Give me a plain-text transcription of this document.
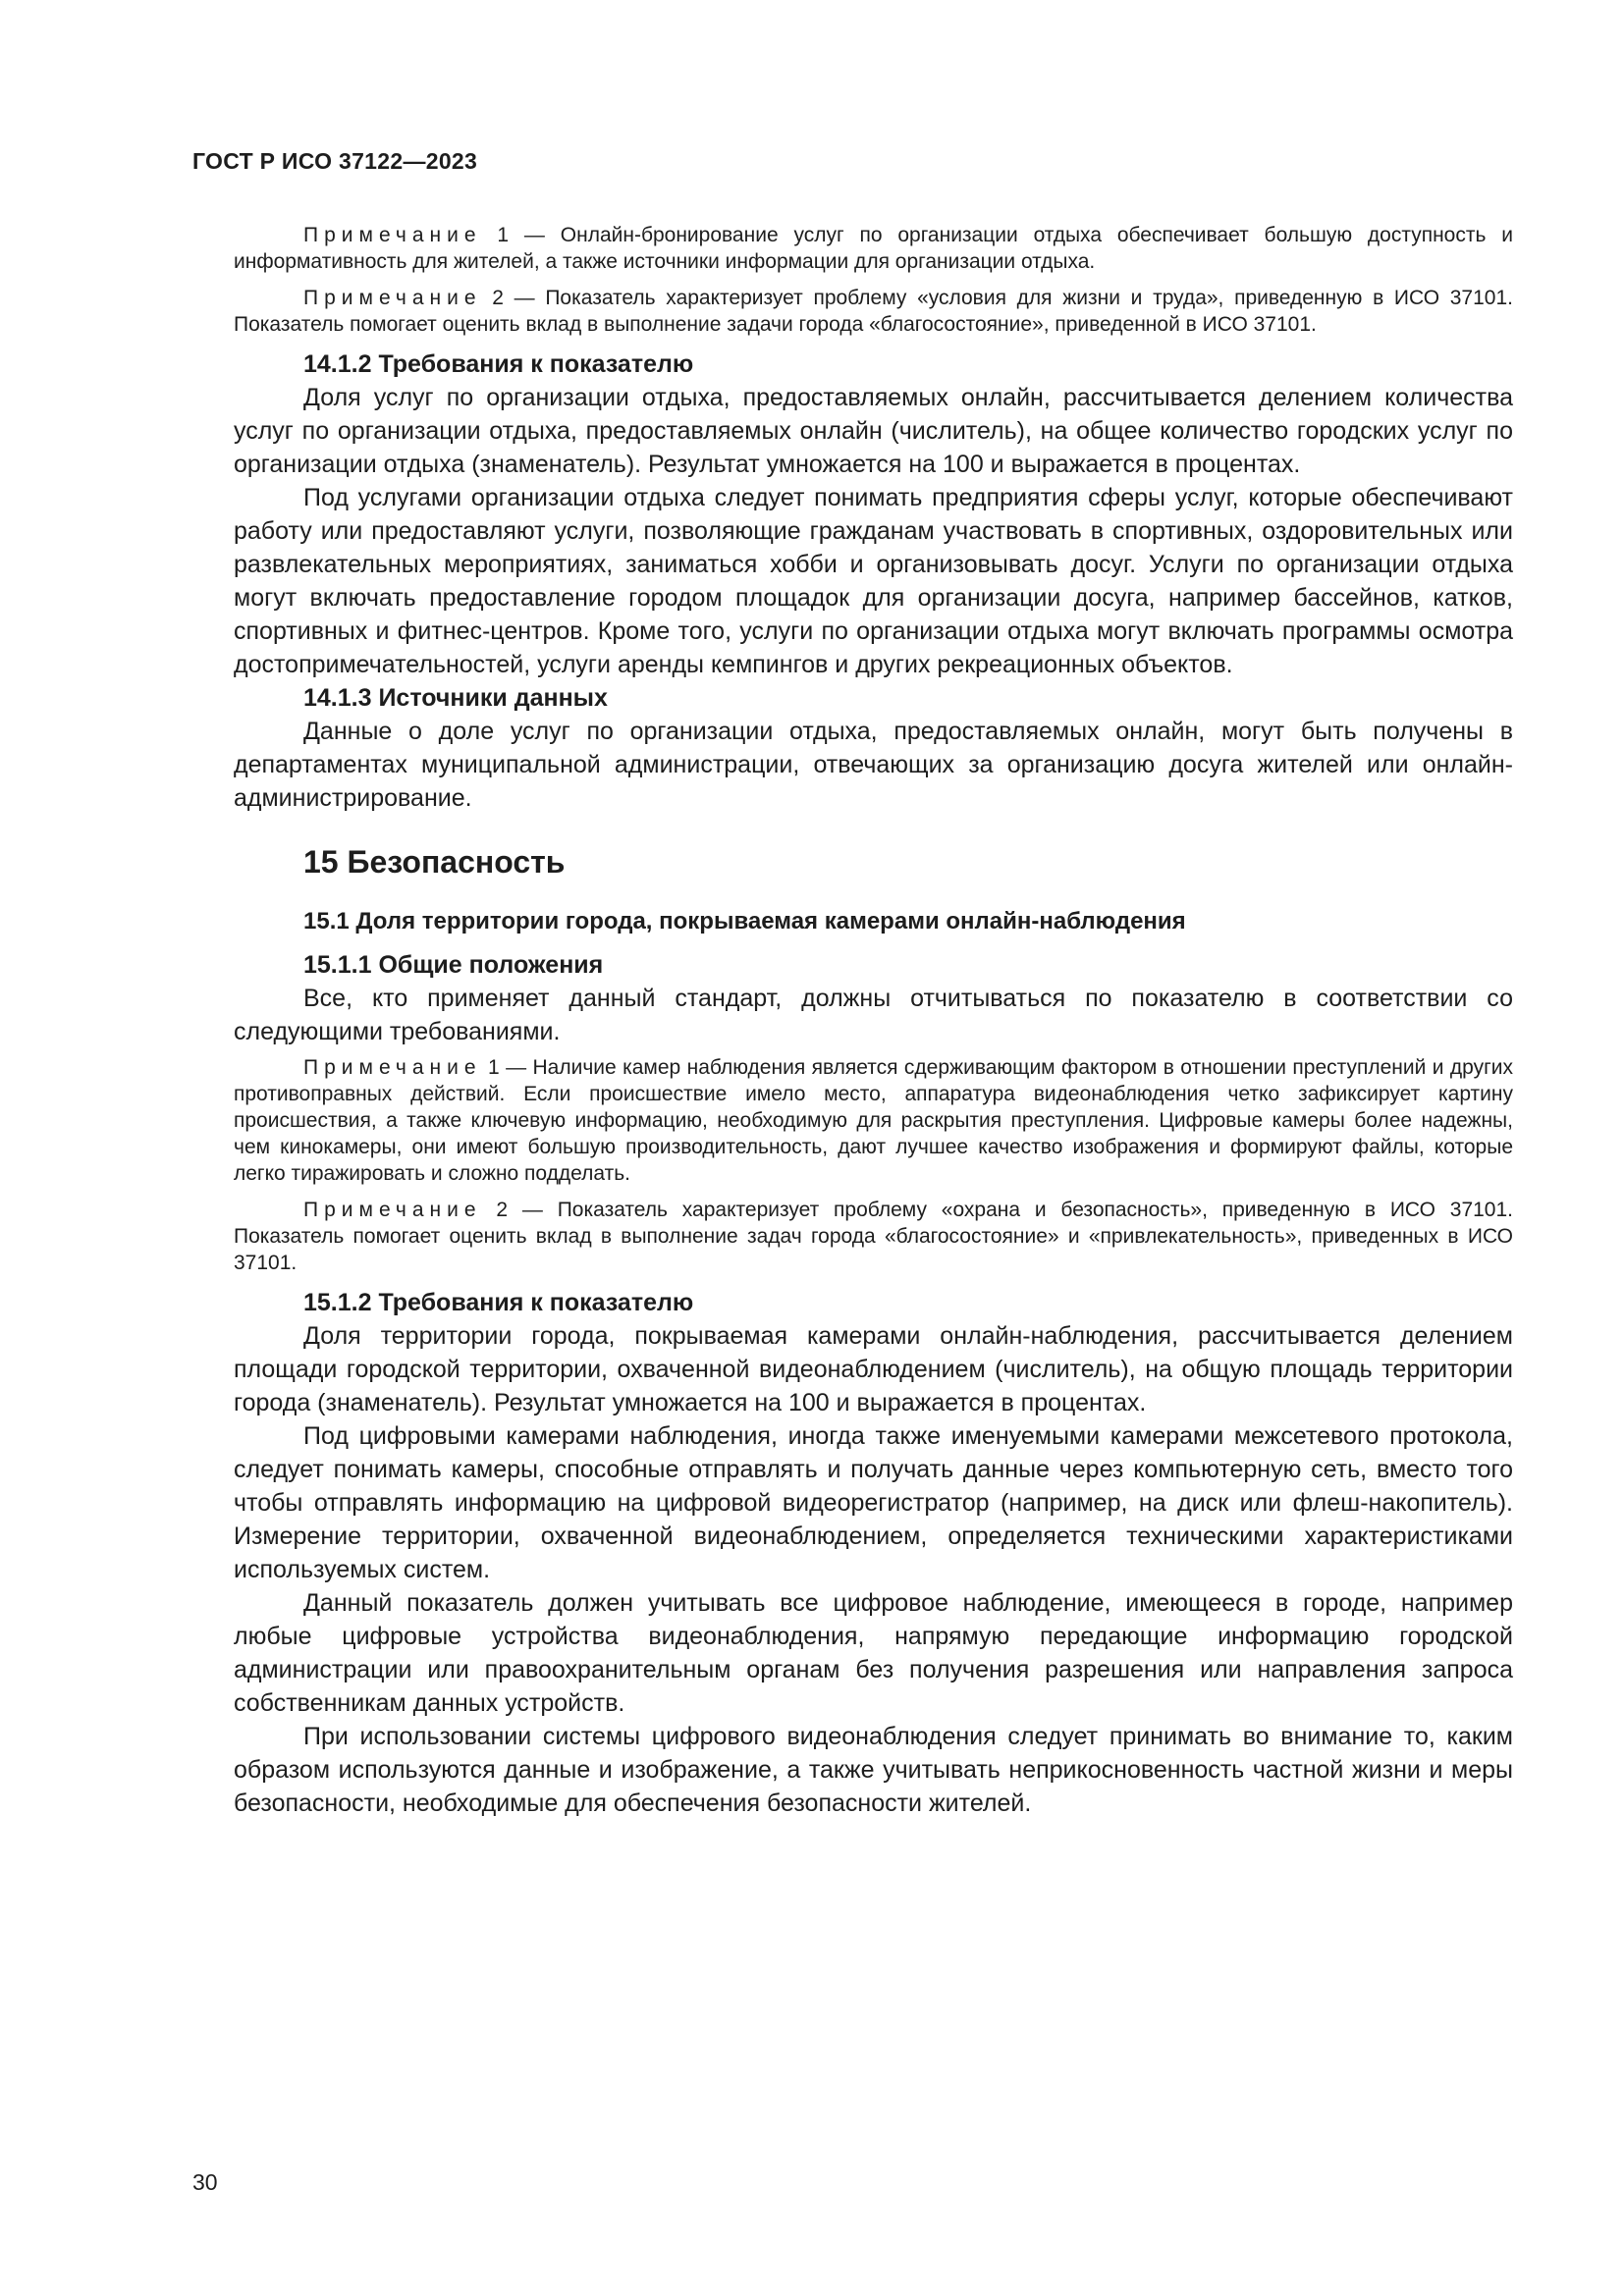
ГОСТ Р ИСО 37122—2023

Примечание 1 — Онлайн-бронирование услуг по организации отдыха обеспечивает большую доступность и информативность для жителей, а также источники информации для организации отдыха.

Примечание 2 — Показатель характеризует проблему «условия для жизни и труда», приведенную в ИСО 37101. Показатель помогает оценить вклад в выполнение задачи города «благосостояние», приведенной в ИСО 37101.

14.1.2 Требования к показателю

Доля услуг по организации отдыха, предоставляемых онлайн, рассчитывается делением количества услуг по организации отдыха, предоставляемых онлайн (числитель), на общее количество городских услуг по организации отдыха (знаменатель). Результат умножается на 100 и выражается в процентах.

Под услугами организации отдыха следует понимать предприятия сферы услуг, которые обеспечивают работу или предоставляют услуги, позволяющие гражданам участвовать в спортивных, оздоровительных или развлекательных мероприятиях, заниматься хобби и организовывать досуг. Услуги по организации отдыха могут включать предоставление городом площадок для организации досуга, например бассейнов, катков, спортивных и фитнес-центров. Кроме того, услуги по организации отдыха могут включать программы осмотра достопримечательностей, услуги аренды кемпингов и других рекреационных объектов.

14.1.3 Источники данных

Данные о доле услуг по организации отдыха, предоставляемых онлайн, могут быть получены в департаментах муниципальной администрации, отвечающих за организацию досуга жителей или онлайн-администрирование.

15 Безопасность
15.1 Доля территории города, покрываемая камерами онлайн-наблюдения
15.1.1 Общие положения

Все, кто применяет данный стандарт, должны отчитываться по показателю в соответствии со следующими требованиями.

Примечание 1 — Наличие камер наблюдения является сдерживающим фактором в отношении преступлений и других противоправных действий. Если происшествие имело место, аппаратура видеонаблюдения четко зафиксирует картину происшествия, а также ключевую информацию, необходимую для раскрытия преступления. Цифровые камеры более надежны, чем кинокамеры, они имеют большую производительность, дают лучшее качество изображения и формируют файлы, которые легко тиражировать и сложно подделать.

Примечание 2 — Показатель характеризует проблему «охрана и безопасность», приведенную в ИСО 37101. Показатель помогает оценить вклад в выполнение задач города «благосостояние» и «привлекательность», приведенных в ИСО 37101.

15.1.2 Требования к показателю

Доля территории города, покрываемая камерами онлайн-наблюдения, рассчитывается делением площади городской территории, охваченной видеонаблюдением (числитель), на общую площадь территории города (знаменатель). Результат умножается на 100 и выражается в процентах.

Под цифровыми камерами наблюдения, иногда также именуемыми камерами межсетевого протокола, следует понимать камеры, способные отправлять и получать данные через компьютерную сеть, вместо того чтобы отправлять информацию на цифровой видеорегистратор (например, на диск или флеш-накопитель). Измерение территории, охваченной видеонаблюдением, определяется техническими характеристиками используемых систем.

Данный показатель должен учитывать все цифровое наблюдение, имеющееся в городе, например любые цифровые устройства видеонаблюдения, напрямую передающие информацию городской администрации или правоохранительным органам без получения разрешения или направления запроса собственникам данных устройств.

При использовании системы цифрового видеонаблюдения следует принимать во внимание то, каким образом используются данные и изображение, а также учитывать неприкосновенность частной жизни и меры безопасности, необходимые для обеспечения безопасности жителей.

30
